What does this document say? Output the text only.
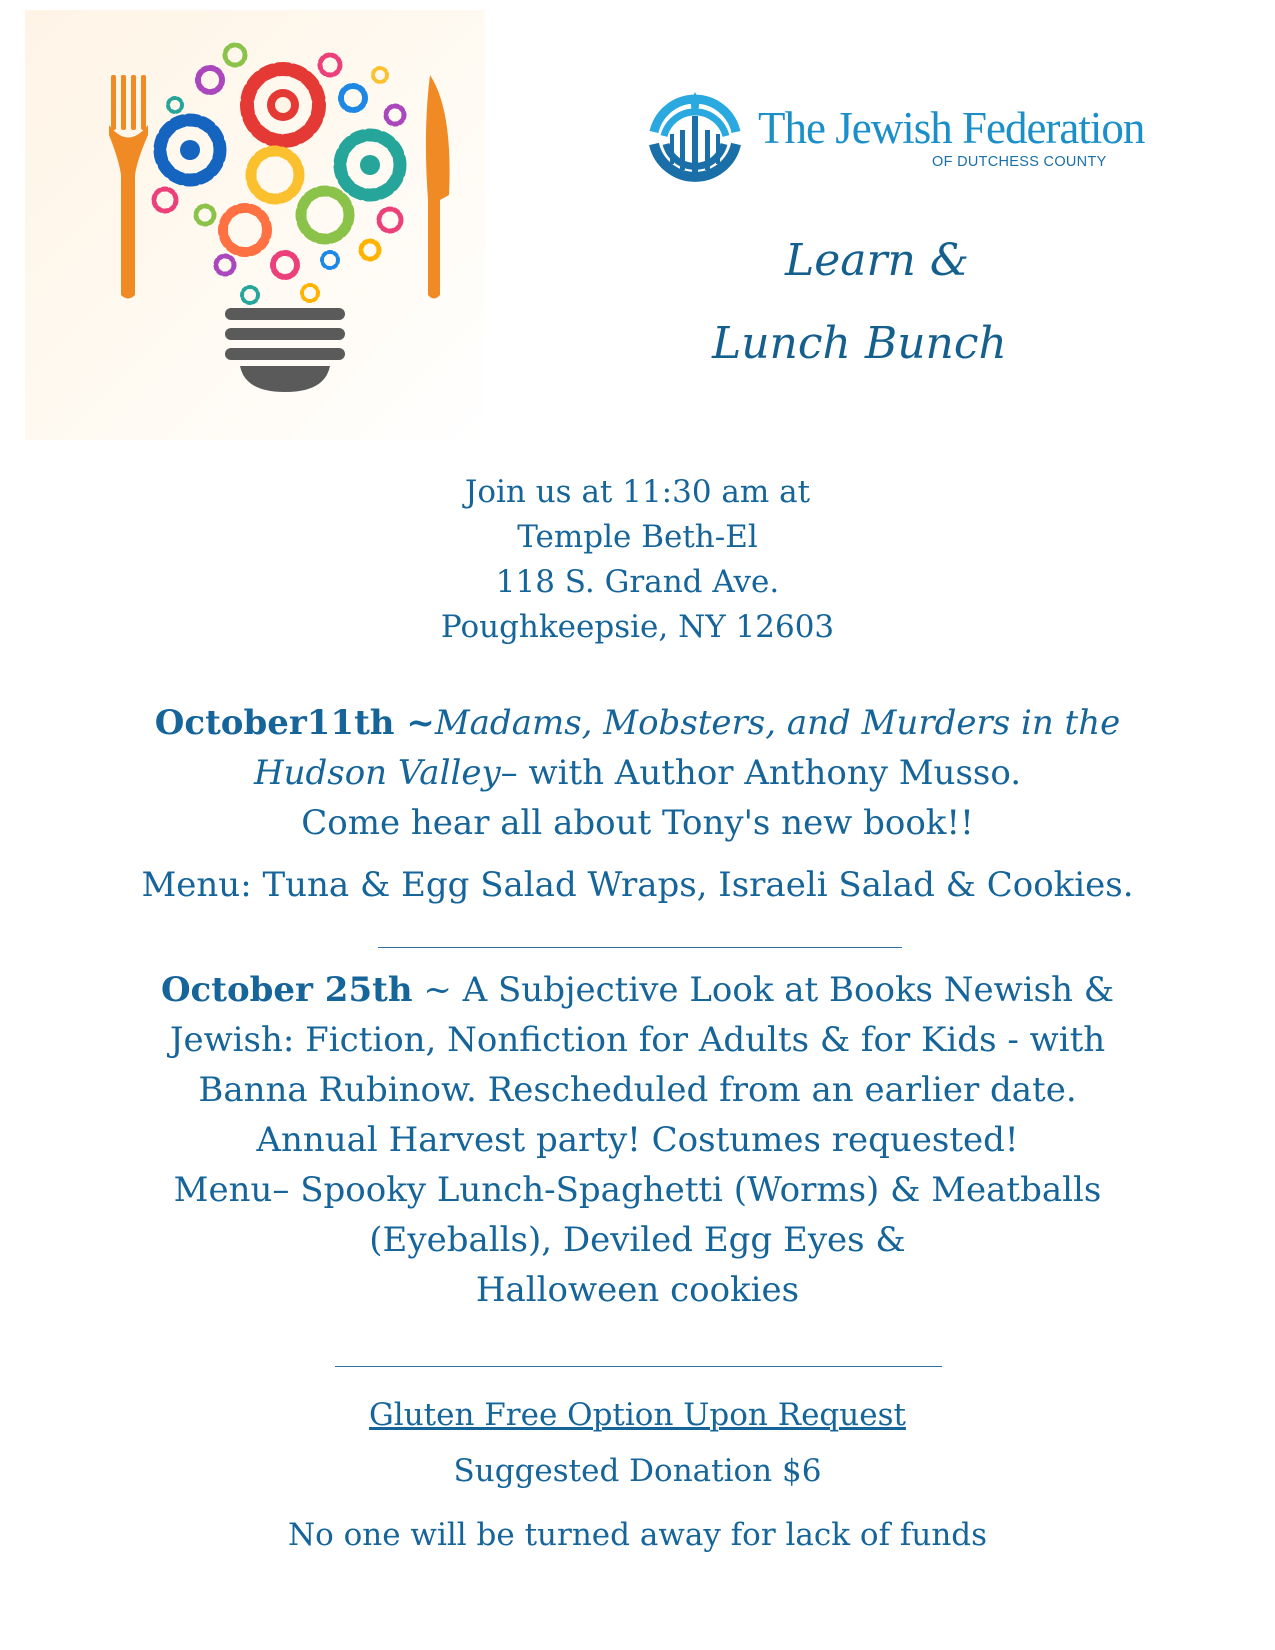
The Jewish Federation
OF DUTCHESS COUNTY
Learn &
Lunch Bunch
Join us at 11:30 am at
Temple Beth-El
118 S. Grand Ave.
Poughkeepsie, NY 12603
October11th ~Madams, Mobsters, and Murders in the
Hudson Valley– with Author Anthony Musso.
Come hear all about Tony's new book!!
Menu: Tuna & Egg Salad Wraps, Israeli Salad & Cookies.
October 25th ~ A Subjective Look at Books Newish &
Jewish: Fiction, Nonfiction for Adults & for Kids - with
Banna Rubinow. Rescheduled from an earlier date.
Annual Harvest party! Costumes requested!
Menu– Spooky Lunch-Spaghetti (Worms) & Meatballs
(Eyeballs), Deviled Egg Eyes &
Halloween cookies
Gluten Free Option Upon Request
Suggested Donation $6
No one will be turned away for lack of funds
